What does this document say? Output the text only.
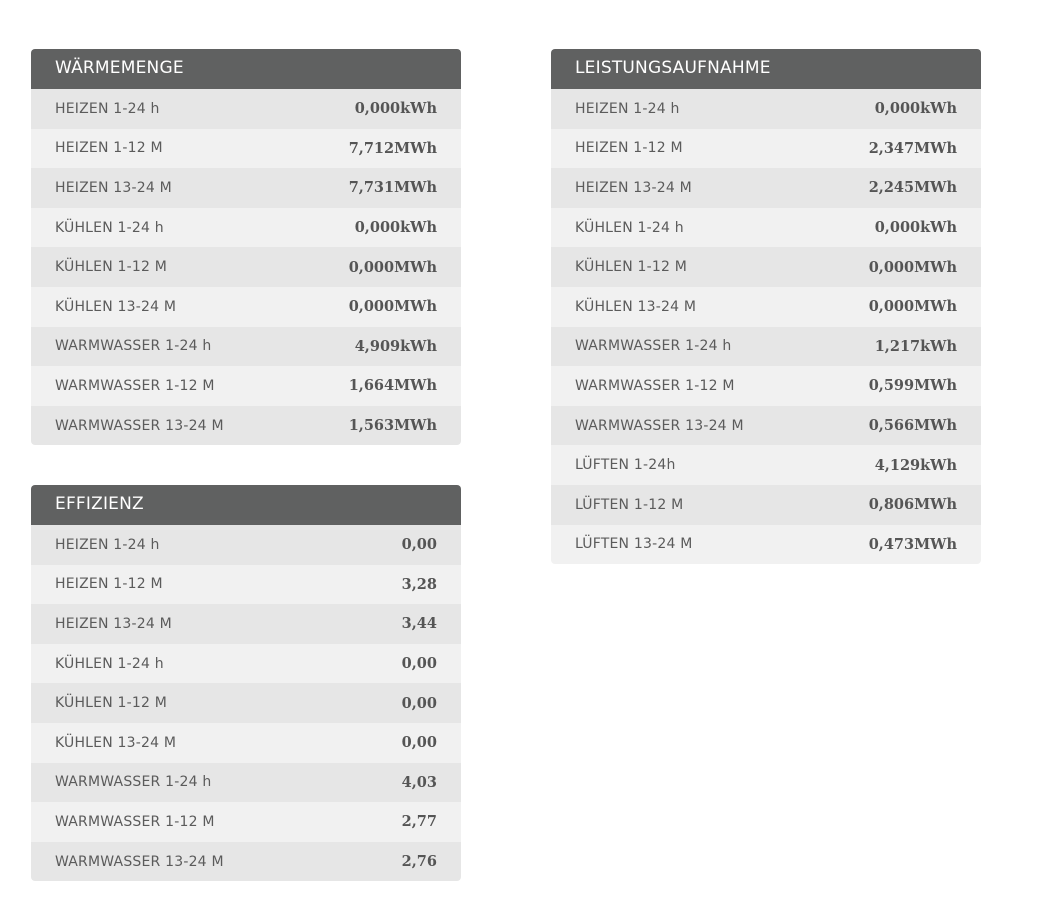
WÄRMEMENGE
HEIZEN 1-24 h	0,000kWh
HEIZEN 1-12 M	7,712MWh
HEIZEN 13-24 M	7,731MWh
KÜHLEN 1-24 h	0,000kWh
KÜHLEN 1-12 M	0,000MWh
KÜHLEN 13-24 M	0,000MWh
WARMWASSER 1-24 h	4,909kWh
WARMWASSER 1-12 M	1,664MWh
WARMWASSER 13-24 M	1,563MWh
EFFIZIENZ
HEIZEN 1-24 h	0,00
HEIZEN 1-12 M	3,28
HEIZEN 13-24 M	3,44
KÜHLEN 1-24 h	0,00
KÜHLEN 1-12 M	0,00
KÜHLEN 13-24 M	0,00
WARMWASSER 1-24 h	4,03
WARMWASSER 1-12 M	2,77
WARMWASSER 13-24 M	2,76
LEISTUNGSAUFNAHME
HEIZEN 1-24 h	0,000kWh
HEIZEN 1-12 M	2,347MWh
HEIZEN 13-24 M	2,245MWh
KÜHLEN 1-24 h	0,000kWh
KÜHLEN 1-12 M	0,000MWh
KÜHLEN 13-24 M	0,000MWh
WARMWASSER 1-24 h	1,217kWh
WARMWASSER 1-12 M	0,599MWh
WARMWASSER 13-24 M	0,566MWh
LÜFTEN 1-24h	4,129kWh
LÜFTEN 1-12 M	0,806MWh
LÜFTEN 13-24 M	0,473MWh
